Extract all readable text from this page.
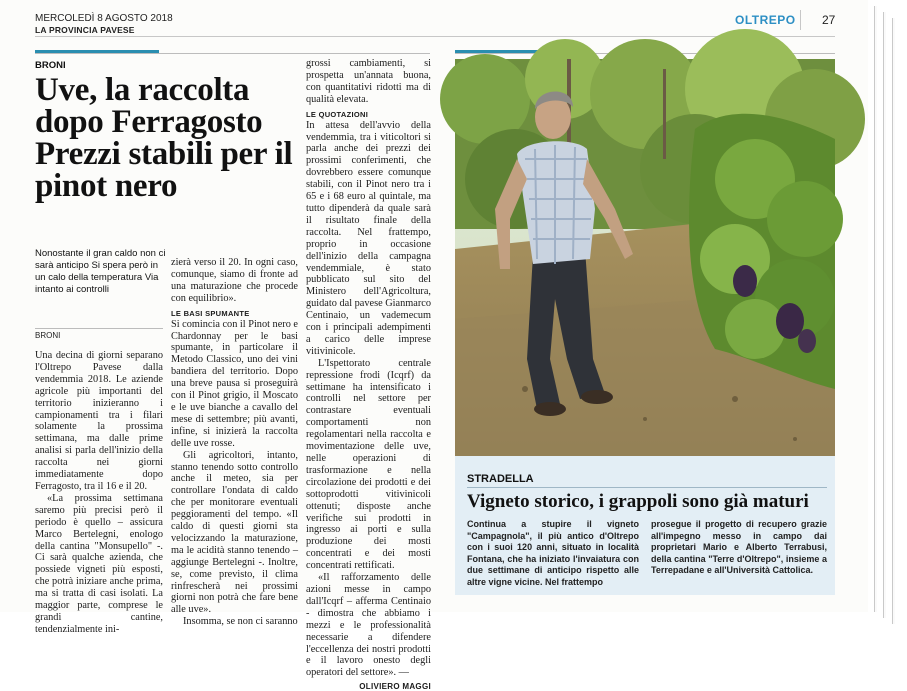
MERCOLEDÌ 8 AGOSTO 2018
LA PROVINCIA PAVESE
OLTREPO 27
BRONI
Uve, la raccolta dopo Ferragosto Prezzi stabili per il pinot nero
Nonostante il gran caldo non ci sarà anticipo Si spera però in un calo della temperatura Via intanto ai controlli
BRONI

Una decina di giorni separano l'Oltrepo Pavese dalla vendemmia 2018. Le aziende agricole più importanti del territorio inizieranno i campionamenti tra i filari solamente la prossima settimana, ma dalle prime analisi si parla dell'inizio della raccolta nei giorni immediatamente dopo Ferragosto, tra il 16 e il 20.

«La prossima settimana saremo più precisi però il periodo è quello – assicura Marco Bertelegni, enologo della cantina "Monsupello" -. Ci sarà qualche azienda, che possiede vigneti più esposti, che potrà iniziare anche prima, ma si tratta di casi isolati. La maggior parte, comprese le grandi cantine, tendenzialmente ini-

zierà verso il 20. In ogni caso, comunque, siamo di fronte ad una maturazione che procede con equilibrio».

LE BASI SPUMANTE

Si comincia con il Pinot nero e Chardonnay per le basi spumante, in particolare il Metodo Classico, uno dei vini bandiera del territorio. Dopo una breve pausa si proseguirà con il Pinot grigio, il Moscato e le uve bianche a cavallo del mese di settembre; più avanti, infine, si inizierà la raccolta delle uve rosse.

Gli agricoltori, intanto, stanno tenendo sotto controllo anche il meteo, sia per controllare l'ondata di caldo che per monitorare eventuali peggioramenti del tempo. «Il caldo di questi giorni sta velocizzando la maturazione, ma le acidità stanno tenendo – aggiunge Bertelegni -. Inoltre, se, come previsto, il clima rinfrescherà nei prossimi giorni non potrà che fare bene alle uve».

Insomma, se non ci saranno

grossi cambiamenti, si prospetta un'annata buona, con quantitativi ridotti ma di qualità elevata.

LE QUOTAZIONI

In attesa dell'avvio della vendemmia, tra i viticoltori si parla anche dei prezzi dei prossimi conferimenti, che dovrebbero essere comunque stabili, con il Pinot nero tra i 65 e i 68 euro al quintale, ma tutto dipenderà da quale sarà il risultato finale della raccolta. Nel frattempo, proprio in occasione dell'inizio della campagna vendemmiale, è stato pubblicato sul sito del Ministero dell'Agricoltura, guidato dal pavese Gianmarco Centinaio, un vademecum con i principali adempimenti a carico delle imprese vitivinicole.

L'Ispettorato centrale repressione frodi (Icqrf) da settimane ha intensificato i controlli nel settore per contrastare eventuali comportamenti non regolamentari nella raccolta e movimentazione delle uve, nelle operazioni di trasformazione e nella circolazione dei prodotti e dei sottoprodotti vitivinicoli ottenuti; disposte anche verifiche sui prodotti in ingresso ai porti e sulla produzione dei mosti concentrati e dei mosti concentrati rettificati.

«Il rafforzamento delle azioni messe in campo dall'Icqrf – afferma Centinaio - dimostra che abbiamo i mezzi e le professionalità necessarie a difendere l'eccellenza dei nostri prodotti e il lavoro onesto degli operatori del settore». —

OLIVIERO MAGGI
STRADELLA
Vigneto storico, i grappoli sono già maturi
Continua a stupire il vigneto "Campagnola", il più antico d'Oltrepo con i suoi 120 anni, situato in località Fontana, che ha iniziato l'invaiatura con due settimane di anticipo rispetto alle altre vigne vicine. Nel frattempo
prosegue il progetto di recupero grazie all'impegno messo in campo dai proprietari Mario e Alberto Terrabusi, della cantina "Terre d'Oltrepo", insieme a Terrepadane e all'Università Cattolica.
